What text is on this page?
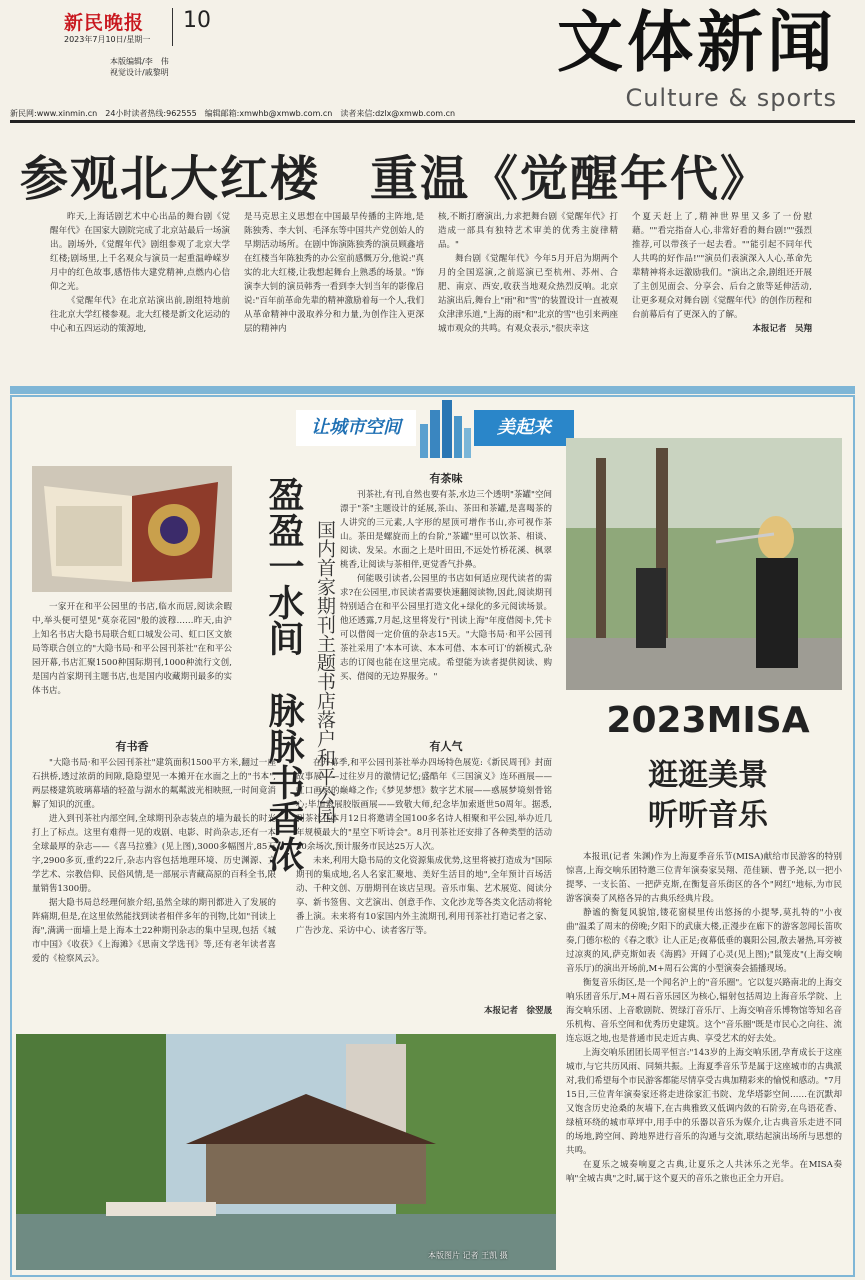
新民晚报	10
2023年7月10日/星期一
本版编辑/李　伟
视觉设计/戚黎明	文体新闻
Culture & sports
新民网:www.xinmin.cn　24小时读者热线:962555　编辑邮箱:xmwhb@xmwb.com.cn　读者来信:dzlx@xmwb.com.cn
参观北大红楼　重温《觉醒年代》

昨天,上海话剧艺术中心出品的舞台剧《觉醒年代》在国家大剧院完成了北京站最后一场演出。剧场外,《觉醒年代》剧组参观了北京大学红楼;剧场里,上千名观众与演员一起重温峥嵘岁月中的红色故事,感悟伟大建党精神,点燃内心信仰之光。

《觉醒年代》在北京站演出前,剧组特地前往北京大学红楼参观。北大红楼是新文化运动的中心和五四运动的策源地,

是马克思主义思想在中国最早传播的主阵地,是陈独秀、李大钊、毛泽东等中国共产党创始人的早期活动场所。在剧中饰演陈独秀的演员顾鑫培在红楼当年陈独秀的办公室前感慨万分,他说:"真实的北大红楼,让我想起舞台上熟悉的场景。"饰演李大钊的演员韩秀一看到李大钊当年的影像启说:"百年前革命先辈的精神激励着每一个人,我们从革命精神中汲取养分和力量,为创作注入更深层的精神内

核,不断打磨演出,力求把舞台剧《觉醒年代》打造成一部具有独特艺术审美的优秀主旋律精品。"

舞台剧《觉醒年代》今年5月开启为期两个月的全国巡演,之前巡演已至杭州、苏州、合肥、南京、西安,收获当地观众热烈反响。北京站演出后,舞台上"雨"和"雪"的装置设计一直被观众津津乐道,"上海的雨"和"北京的雪"也引来两座城市观众的共鸣。有观众表示,"很庆幸这

个夏天赶上了,精神世界里又多了一份慰藉。""看完指奋人心,非常好看的舞台剧!""强烈推荐,可以带孩子一起去看。""能引起不同年代人共鸣的好作品!""演员们表演深入人心,革命先辈精神将永远激励我们。"演出之余,剧组还开展了主创见面会、分享会、后台之旅等延伸活动,让更多观众对舞台剧《觉醒年代》的创作历程和台前幕后有了更深入的了解。

本报记者　吴翔
让城市空间	美起来

一家开在和平公园里的书店,临水而居,阅读余暇中,举头便可望见"莫奈花园"般的波穆……昨天,由沪上知名书店大隐书局联合虹口城发公司、虹口区文旅局等联合创立的"大隐书局·和平公园刊茶社"在和平公园开幕,书店汇聚1500种国际期刊,1000种流行文创,是国内首家期刊主题书店,也是国内收藏期刊最多的实体书店。

有书香

"大隐书局·和平公园刊茶社"建筑面积1500平方米,翻过一座石拱桥,透过浓荫的间隙,隐隐望见一本摊开在水面之上的"书本",两层楼建筑玻璃幕墙的轻盈与湖水的粼粼波光相映照,一时间竟消解了知识的沉重。

进入到刊茶社内部空间,全球期刊杂志装点的墙为最长的时光打上了标点。这里有难得一见的戏剧、电影、时尚杂志,还有一本全球最厚的杂志——《喜马拉雅》(见上图),3000多幅图片,85万字,2900多页,重约22斤,杂志内容包括地理环境、历史渊源、文学艺术、宗教信仰、民俗风情,是一部展示青藏高原的百科全书,限量销售1300册。

据大隐书局总经理何旅介绍,虽然全球的期刊都进入了发展的阵痛期,但是,在这里依然能找到读者相伴多年的刊物,比如"刊读上海",满满一面墙上是上海本土22种期刊杂志的集中呈现,包括《城市中国》《收获》《上海滩》《思南文学选刊》等,还有老年读者喜爱的《检察风云》。

盈盈一水间　脉脉书香浓 国内首家期刊主题书店落户和平公园
有茶味

刊茶社,有刊,自然也要有茶,水边三个透明"茶罐"空间漂于"茶"主题设计的延展,茶山、茶田和茶罐,是喜喝茶的人讲究的三元素,人字形的屋顶可增作书山,亦可视作茶山。茶田是螺旋而上的台阶,"茶罐"里可以饮茶、相谈、阅读、发呆。水面之上是叶田田,不远处竹桥花溪、枫翠桃香,让阅读与茶相伴,更觉香气扑鼻。

何能吸引读者,公园里的书店如何适应现代读者的需求?在公园里,市民读者需要快速翻阅读物,因此,阅读期刊特别适合在和平公园里打造文化+绿化的多元阅读场景。他还透露,7月起,这里将发行"刊读上海"年度借阅卡,凭卡可以借阅一定价值的杂志15天。"大隐书局·和平公园刊茶社采用了'本本可读、本本可借、本本可订'的新模式,杂志的订阅也能在这里完成。希望能为读者提供阅读、购买、借阅的无边界服务。"

有人气

在开幕季,和平公园刊茶社举办四场特色展览:《新民周刊》封面故事展——过往岁月的激情记忆;盛酷年《三国演义》连环画展——虹口画家的巅峰之作;《梦见梦想》数字艺术展——惑展梦境刻骨铭心;毕加索展胶版画展——致敬大师,纪念毕加索逝世50周年。据悉,刊茶社在本月12日将邀请全国100多名诗人相聚和平公园,举办近几年规模最大的"星空下听诗会"。8月刊茶社还安排了各种类型的活动30余场次,预计服务市民达25万人次。

未来,利用大隐书局的文化资源集成优势,这里将被打造成为"国际期刊的集成地,名人名家汇聚地、美好生活目的地",全年预计百场活动、千种文创、万册期刊在该店呈现。音乐市集、艺术展览、阅读分享、新书签售、文艺演出、创意手作、文化沙龙等各类文化活动将轮番上演。未来将有10家国内外主流期刊,利用刊茶社打造记者之家、广告沙龙、采访中心、读者客厅等。

本报记者　徐翌晟
2023MISA
逛逛美景
听听音乐

本报讯(记者 朱渊)作为上海夏季音乐节(MISA)献给市民游客的特别惊喜,上海交响乐团特邀三位青年演奏家吴翔、范佳颖、曹予尧,以一把小提琴、一支长笛、一把萨克斯,在衡复音乐街区的各个"网红"地标,为市民游客演奏了风格各异的古典乐经典片段。

静谧的衡复风貌馆,镂花窗棂里传出悠扬的小提琴,莫扎特的"小夜曲"温柔了周末的傍晚;夕阳下的武康大楼,正漫步在廊下的游客忽闻长笛吹奏,门德尔松的《春之歌》让人正足;夜幕低垂的襄阳公园,散去暑热,耳旁被过凉爽的风,萨克斯如表《海鸥》开阔了心灵(见上图);"鼠笼皮"(上海交响音乐厅)的演出开场前,M+周石公寓的小型演奏会插播现场。

衡复音乐街区,是一个闻名沪上的"音乐圈"。它以复兴路南北的上海交响乐团音乐厅,M+周石音乐园区为核心,辐射包括周边上海音乐学院、上海交响乐团、上音歌剧院、贺绿汀音乐厅、上海交响音乐博物馆等知名音乐机构、音乐空间和优秀历史建筑。这个"音乐圈"既是市民心之向往、流连忘返之地,也是普通市民走近古典、享受艺术的好去处。

上海交响乐团团长周平恒言:"143岁的上海交响乐团,孕育成长于这座城市,与它共历风雨、同频共振。上海夏季音乐节是属于这座城市的古典派对,我们希望每个市民游客都能尽情享受古典加精彩来的愉悦和感动。"7月15日,三位青年演奏家还将走进徐家汇书院、龙华塔影空间……在沉默却又饱含历史沧桑的灰墙下,在古典雅致又低调内敛的石阶旁,在鸟语花香、绿植环绕的城市草坪中,用手中的乐器以音乐为媒介,让古典音乐走进不同的场地,跨空间、跨地界进行音乐的沟通与交流,联结起演出场所与思想的共鸣。

在夏乐之城奏响夏之古典,让夏乐之人共沐乐之光华。在MISA奏响"全城古典"之时,属于这个夏天的音乐之旅也正全力开启。

本版图片 记者 王凯 摄
